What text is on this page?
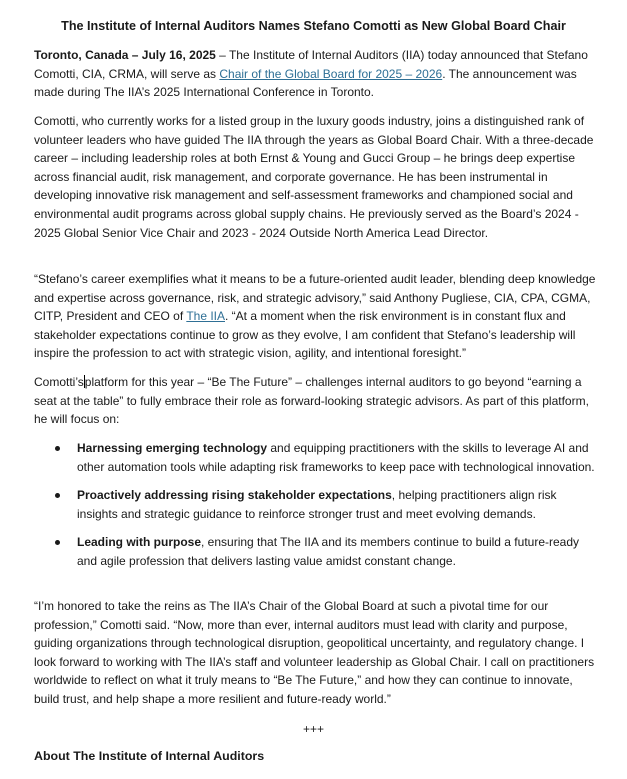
The Institute of Internal Auditors Names Stefano Comotti as New Global Board Chair

Toronto, Canada – July 16, 2025 – The Institute of Internal Auditors (IIA) today announced that Stefano Comotti, CIA, CRMA, will serve as Chair of the Global Board for 2025 – 2026. The announcement was made during The IIA’s 2025 International Conference in Toronto.

Comotti, who currently works for a listed group in the luxury goods industry, joins a distinguished rank of volunteer leaders who have guided The IIA through the years as Global Board Chair. With a three-decade career – including leadership roles at both Ernst & Young and Gucci Group – he brings deep expertise across financial audit, risk management, and corporate governance. He has been instrumental in developing innovative risk management and self-assessment frameworks and championed social and environmental audit programs across global supply chains. He previously served as the Board’s 2024 - 2025 Global Senior Vice Chair and 2023 - 2024 Outside North America Lead Director.

“Stefano’s career exemplifies what it means to be a future-oriented audit leader, blending deep knowledge and expertise across governance, risk, and strategic advisory,” said Anthony Pugliese, CIA, CPA, CGMA, CITP, President and CEO of The IIA. “At a moment when the risk environment is in constant flux and stakeholder expectations continue to grow as they evolve, I am confident that Stefano’s leadership will inspire the profession to act with strategic vision, agility, and intentional foresight.”

Comotti’splatform for this year – “Be The Future” – challenges internal auditors to go beyond “earning a seat at the table” to fully embrace their role as forward-looking strategic advisors. As part of this platform, he will focus on:

Harnessing emerging technology and equipping practitioners with the skills to leverage AI and other automation tools while adapting risk frameworks to keep pace with technological innovation.
Proactively addressing rising stakeholder expectations, helping practitioners align risk insights and strategic guidance to reinforce stronger trust and meet evolving demands.
Leading with purpose, ensuring that The IIA and its members continue to build a future-ready and agile profession that delivers lasting value amidst constant change.

“I’m honored to take the reins as The IIA’s Chair of the Global Board at such a pivotal time for our profession,” Comotti said. “Now, more than ever, internal auditors must lead with clarity and purpose, guiding organizations through technological disruption, geopolitical uncertainty, and regulatory change. I look forward to working with The IIA’s staff and volunteer leadership as Global Chair. I call on practitioners worldwide to reflect on what it truly means to “Be The Future,” and how they can continue to innovate, build trust, and help shape a more resilient and future-ready world.”

+++
About The Institute of Internal Auditors
